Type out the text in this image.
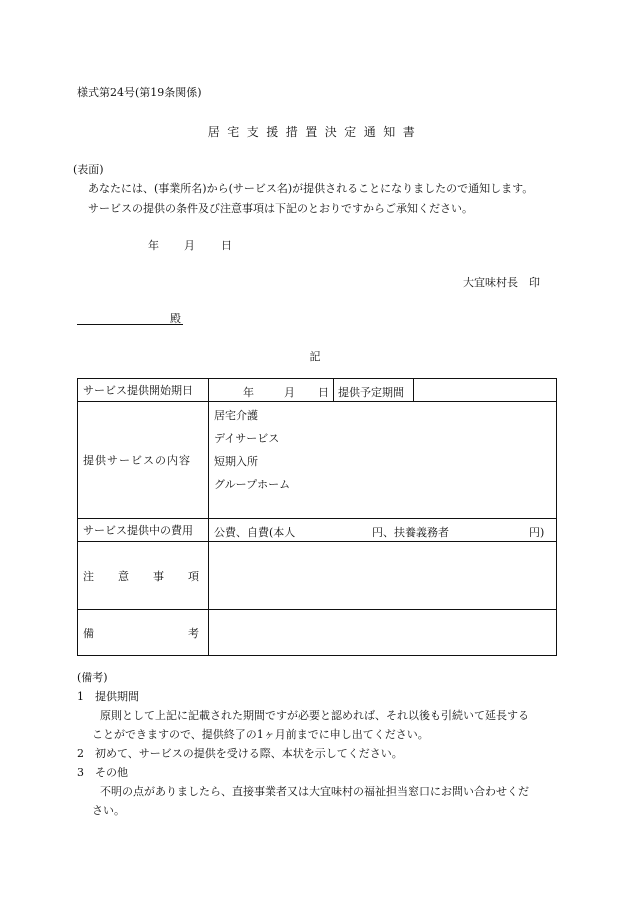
様式第24号(第19条関係)
居宅支援措置決定通知書
(表面)
あなたには、(事業所名)から(サービス名)が提供されることになりましたので通知します。
サービスの提供の条件及び注意事項は下記のとおりですからご承知ください。
年 月 日
大宜味村長　印
殿
記
サービス提供開始期日	年 月 日 提供予定期間

提供サービスの内容	居宅介護
デイサービス
短期入所
グループホーム

サービス提供中の費用	公費、自費(本人 円、扶養義務者 円)

注 意 事 項	

備 考	

(備考)
1　提供期間
原則として上記に記載された期間ですが必要と認めれば、それ以後も引続いて延長する
ことができますので、提供終了の1ヶ月前までに申し出てください。
2　初めて、サービスの提供を受ける際、本状を示してください。
3　その他
不明の点がありましたら、直接事業者又は大宜味村の福祉担当窓口にお問い合わせくだ
さい。
